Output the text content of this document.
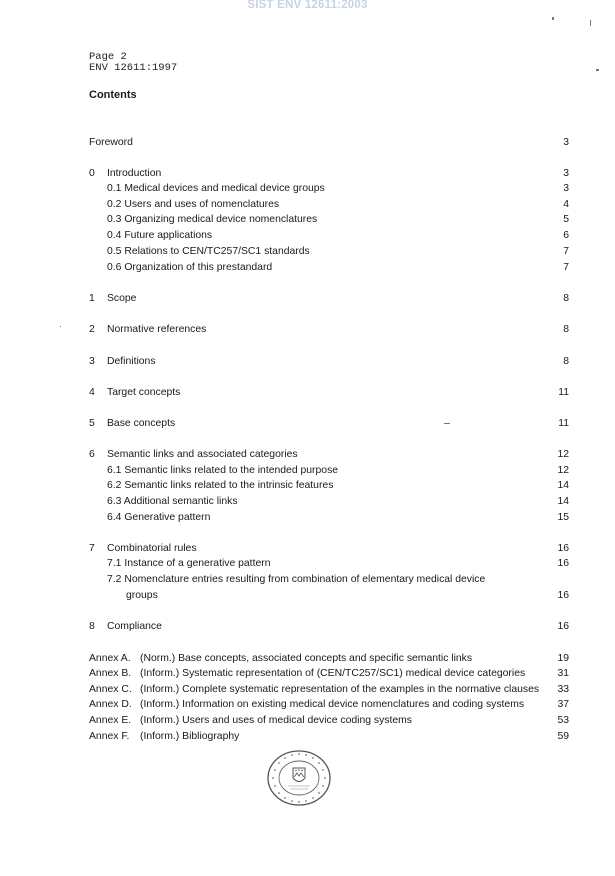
SIST ENV 12611:2003
Page 2
ENV 12611:1997
Contents
Foreword	3
0 Introduction	3
0.1 Medical devices and medical device groups	3
0.2 Users and uses of nomenclatures	4
0.3 Organizing medical device nomenclatures	5
0.4 Future applications	6
0.5 Relations to CEN/TC257/SC1 standards	7
0.6 Organization of this prestandard	7
1 Scope	8
2 Normative references	8
3 Definitions	8
4 Target concepts	11
5 Base concepts	11
6 Semantic links and associated categories	12
6.1 Semantic links related to the intended purpose	12
6.2 Semantic links related to the intrinsic features	14
6.3 Additional semantic links	14
6.4 Generative pattern	15
7 Combinatorial rules	16
7.1 Instance of a generative pattern	16
7.2 Nomenclature entries resulting from combination of elementary medical device
groups	16
8 Compliance	16
Annex A. (Norm.) Base concepts, associated concepts and specific semantic links	19
Annex B. (Inform.) Systematic representation of (CEN/TC257/SC1) medical device categories	31
Annex C. (Inform.) Complete systematic representation of the examples in the normative clauses 33
Annex D. (Inform.) Information on existing medical device nomenclatures and coding systems	37
Annex E. (Inform.) Users and uses of medical device coding systems	53
Annex F. (Inform.) Bibliography	59
